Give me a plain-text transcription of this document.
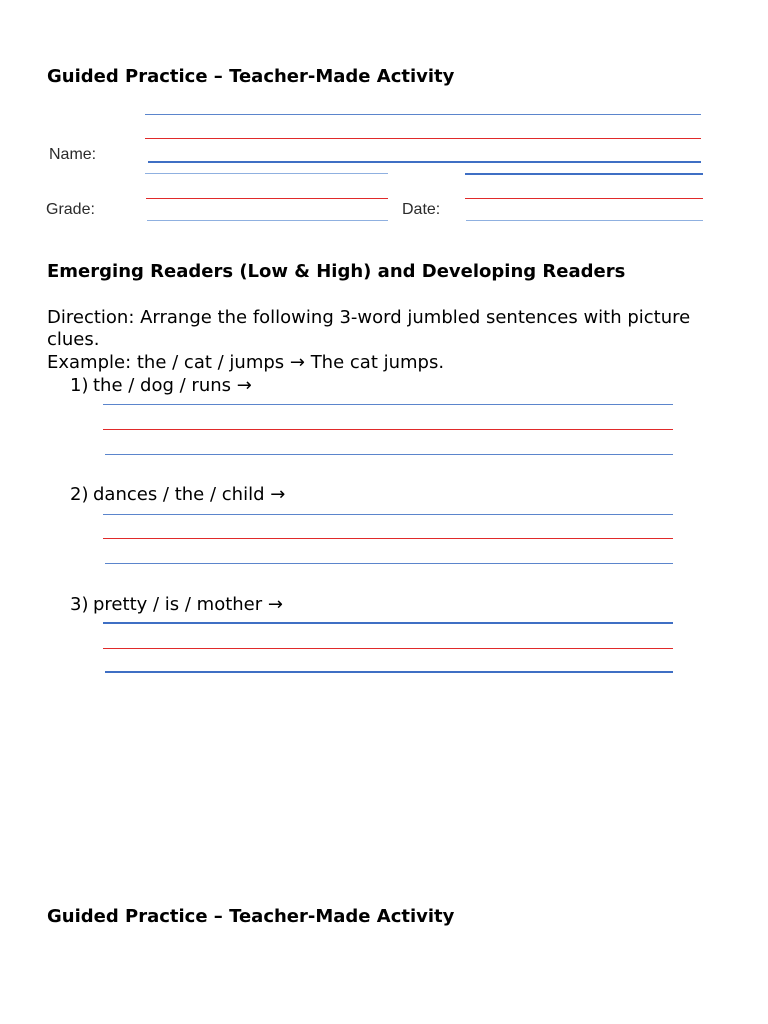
Guided Practice – Teacher-Made Activity
Name:
Grade:	Date:
Emerging Readers (Low & High) and Developing Readers
Direction: Arrange the following 3-word jumbled sentences with picture clues.
Example: the / cat / jumps → The cat jumps.
1) the / dog / runs →
2) dances / the / child →
3) pretty / is / mother →
Guided Practice – Teacher-Made Activity
